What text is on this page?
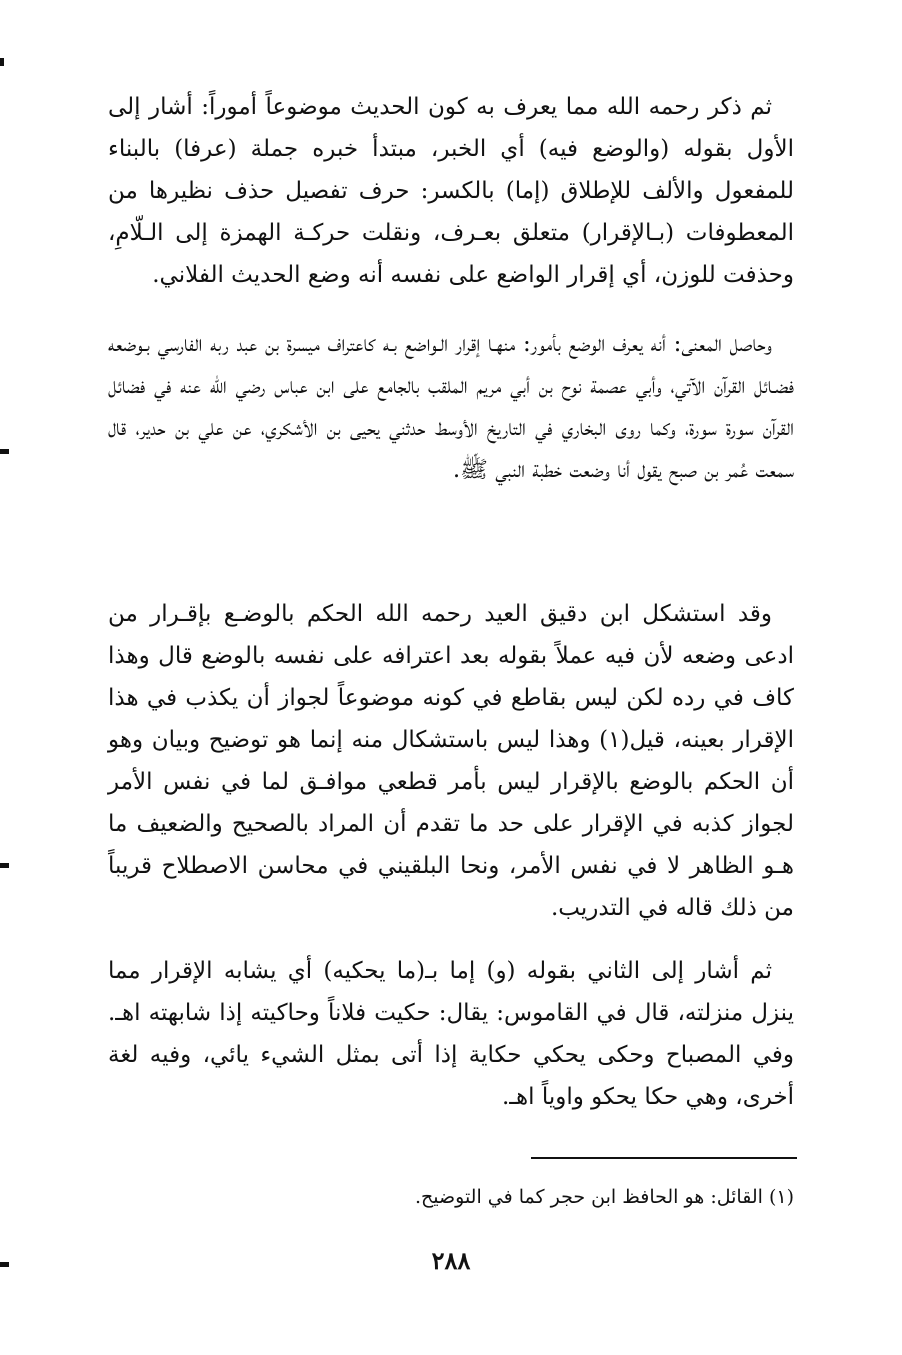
ثم ذكر رحمه الله مما يعرف به كون الحديث موضوعاً أموراً: أشار إلى الأول بقوله (والوضع فيه) أي الخبر، مبتدأ خبره جملة (عرفا) بالبناء للمفعول والألف للإطلاق (إما) بالكسر: حرف تفصيل حذف نظيرها من المعطوفات (بـالإقرار) متعلق بعـرف، ونقلت حركـة الهمزة إلى الـلّامِ، وحذفت للوزن، أي إقرار الواضع على نفسه أنه وضع الحديث الفلاني.

وحاصل المعنى: أنه يعرف الوضع بأمور: منهـا إقرار الـواضع بـه كاعتراف ميسرة بن عبد ربه الفارسي بـوضعه فضـائل القرآن الآتي، وأبي عصمة نوح بن أبي مريم الملقب بالجامع على ابن عباس رضي الله عنه في فضائل القرآن سورة سورة، وكما روى البخاري في التاريخ الأوسط حدثني يحيى بن الأشكري، عن علي بن حدير، قال سمعت عُمر بن صبح يقول أنا وضعت خطبة النبي ﷺ.

وقد استشكل ابن دقيق العيد رحمه الله الحكم بالوضـع بإقـرار من ادعى وضعه لأن فيه عملاً بقوله بعد اعترافه على نفسه بالوضع قال وهذا كاف في رده لكن ليس بقاطع في كونه موضوعاً لجواز أن يكذب في هذا الإقرار بعينه، قيل(١) وهذا ليس باستشكال منه إنما هو توضيح وبيان وهو أن الحكم بالوضع بالإقرار ليس بأمر قطعي موافـق لما في نفس الأمر لجواز كذبه في الإقرار على حد ما تقدم أن المراد بالصحيح والضعيف ما هـو الظاهر لا في نفس الأمر، ونحا البلقيني في محاسن الاصطلاح قريباً من ذلك قاله في التدريب.

ثم أشار إلى الثاني بقوله (و) إما بـ(ما يحكيه) أي يشابه الإقرار مما ينزل منزلته، قال في القاموس: يقال: حكيت فلاناً وحاكيته إذا شابهته اهـ. وفي المصباح وحكى يحكي حكاية إذا أتى بمثل الشيء يائي، وفيه لغة أخرى، وهي حكا يحكو واوياً اهـ.

(١) القائل: هو الحافظ ابن حجر كما في التوضيح.
٢٨٨
